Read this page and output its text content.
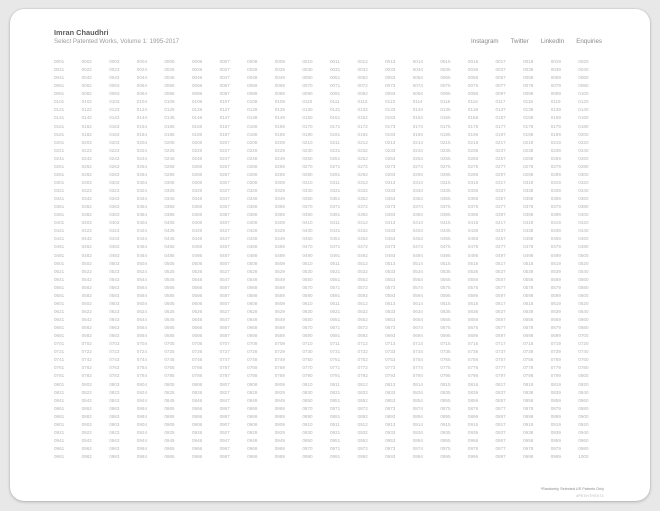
Imran Chaudhri
Select Patented Works, Volume 1: 1995-2017	Instagram Twitter LinkedIn Enquiries
0001	0002	0003	0004	0005	0006	0007	0008	0009	0010	0011	0012	0013	0014	0015	0016	0017	0018	0019	0020
0021	0022	0023	0024	0025	0026	0027	0028	0029	0030	0031	0032	0033	0034	0035	0036	0037	0038	0039	0040
0041	0042	0043	0044	0045	0046	0047	0048	0049	0050	0051	0052	0053	0054	0055	0056	0057	0058	0059	0060
0061	0062	0063	0064	0065	0066	0067	0068	0069	0070	0071	0072	0073	0074	0075	0076	0077	0078	0079	0080
0081	0082	0083	0084	0085	0086	0087	0088	0089	0090	0091	0092	0093	0094	0095	0096	0097	0098	0099	0100
0101	0102	0103	0104	0105	0106	0107	0108	0109	0110	0111	0112	0113	0114	0115	0116	0117	0118	0119	0120
0121	0122	0123	0124	0125	0126	0127	0128	0129	0130	0131	0132	0133	0134	0135	0136	0137	0138	0139	0140
0141	0142	0143	0144	0145	0146	0147	0148	0149	0150	0151	0152	0153	0154	0155	0156	0157	0158	0159	0160
0161	0162	0163	0164	0165	0166	0167	0168	0169	0170	0171	0172	0173	0174	0175	0176	0177	0178	0179	0180
0181	0182	0183	0184	0185	0186	0187	0188	0189	0190	0191	0192	0193	0194	0195	0196	0197	0198	0199	0200
0201	0202	0203	0204	0205	0206	0207	0208	0209	0210	0211	0212	0213	0214	0215	0216	0217	0218	0219	0220
0221	0222	0223	0224	0225	0226	0227	0228	0229	0230	0231	0232	0233	0234	0235	0236	0237	0238	0239	0240
0241	0242	0243	0244	0245	0246	0247	0248	0249	0250	0251	0252	0253	0254	0255	0256	0257	0258	0259	0260
0261	0262	0263	0264	0265	0266	0267	0268	0269	0270	0271	0272	0273	0274	0275	0276	0277	0278	0279	0280
0281	0282	0283	0284	0285	0286	0287	0288	0289	0290	0291	0292	0293	0294	0295	0296	0297	0298	0299	0300
0301	0302	0303	0304	0305	0306	0307	0308	0309	0310	0311	0312	0313	0314	0315	0316	0317	0318	0319	0320
0321	0322	0323	0324	0325	0326	0327	0328	0329	0330	0331	0332	0333	0334	0335	0336	0337	0338	0339	0340
0341	0342	0343	0344	0345	0346	0347	0348	0349	0350	0351	0352	0353	0354	0355	0356	0357	0358	0359	0360
0361	0362	0363	0364	0365	0366	0367	0368	0369	0370	0371	0372	0373	0374	0375	0376	0377	0378	0379	0380
0381	0382	0383	0384	0385	0386	0387	0388	0389	0390	0391	0392	0393	0394	0395	0396	0397	0398	0399	0400
0401	0402	0403	0404	0405	0406	0407	0408	0409	0410	0411	0412	0413	0414	0415	0416	0417	0418	0419	0420
0421	0422	0423	0424	0425	0426	0427	0428	0429	0430	0431	0432	0433	0434	0435	0436	0437	0438	0439	0440
0441	0442	0443	0444	0445	0446	0447	0448	0449	0450	0451	0452	0453	0454	0455	0456	0457	0458	0459	0460
0461	0462	0463	0464	0465	0466	0467	0468	0469	0470	0471	0472	0473	0474	0475	0476	0477	0478	0479	0480
0481	0482	0483	0484	0485	0486	0487	0488	0489	0490	0491	0492	0493	0494	0495	0496	0497	0498	0499	0500
0501	0502	0503	0504	0505	0506	0507	0508	0509	0510	0511	0512	0513	0514	0515	0516	0517	0518	0519	0520
0521	0522	0523	0524	0525	0526	0527	0528	0529	0530	0531	0532	0533	0534	0535	0536	0537	0538	0539	0540
0541	0542	0543	0544	0545	0546	0547	0548	0549	0550	0551	0552	0553	0554	0555	0556	0557	0558	0559	0560
0561	0562	0563	0564	0565	0566	0567	0568	0569	0570	0571	0572	0573	0574	0575	0576	0577	0578	0579	0580
0581	0582	0583	0584	0585	0586	0587	0588	0589	0590	0591	0592	0593	0594	0595	0596	0597	0598	0599	0600
0601	0602	0603	0604	0605	0606	0607	0608	0609	0610	0611	0612	0613	0614	0615	0616	0617	0618	0619	0620
0621	0622	0623	0624	0625	0626	0627	0628	0629	0630	0631	0632	0633	0634	0635	0636	0637	0638	0639	0640
0641	0642	0643	0644	0645	0646	0647	0648	0649	0650	0651	0652	0653	0654	0655	0656	0657	0658	0659	0660
0661	0662	0663	0664	0665	0666	0667	0668	0669	0670	0671	0672	0673	0674	0675	0676	0677	0678	0679	0680
0681	0682	0683	0684	0685	0686	0687	0688	0689	0690	0691	0692	0693	0694	0695	0696	0697	0698	0699	0700
0701	0702	0703	0704	0705	0706	0707	0708	0709	0710	0711	0712	0713	0714	0715	0716	0717	0718	0719	0720
0721	0722	0723	0724	0725	0726	0727	0728	0729	0730	0731	0732	0733	0734	0735	0736	0737	0738	0739	0740
0741	0742	0743	0744	0745	0746	0747	0748	0749	0750	0751	0752	0753	0754	0755	0756	0757	0758	0759	0760
0761	0762	0763	0764	0765	0766	0767	0768	0769	0770	0771	0772	0773	0774	0775	0776	0777	0778	0779	0780
0781	0782	0783	0784	0785	0786	0787	0788	0789	0790	0791	0792	0793	0794	0795	0796	0797	0798	0799	0800
0801	0802	0803	0804	0805	0806	0807	0808	0809	0810	0811	0812	0813	0814	0815	0816	0817	0818	0819	0820
0821	0822	0823	0824	0825	0826	0827	0828	0829	0830	0831	0832	0833	0834	0835	0836	0837	0838	0839	0840
0841	0842	0843	0844	0845	0846	0847	0848	0849	0850	0851	0852	0853	0854	0855	0856	0857	0858	0859	0860
0861	0862	0863	0864	0865	0866	0867	0868	0869	0870	0871	0872	0873	0874	0875	0876	0877	0878	0879	0880
0881	0882	0883	0884	0885	0886	0887	0888	0889	0890	0891	0892	0893	0894	0895	0896	0897	0898	0899	0900
0901	0902	0903	0904	0905	0906	0907	0908	0909	0910	0911	0912	0913	0914	0915	0916	0917	0918	0919	0920
0921	0922	0923	0924	0925	0926	0927	0928	0929	0930	0931	0932	0933	0934	0935	0936	0937	0938	0939	0940
0941	0942	0943	0944	0945	0946	0947	0948	0949	0950	0951	0952	0953	0954	0955	0956	0957	0958	0959	0960
0961	0962	0963	0964	0965	0966	0967	0968	0969	0970	0971	0972	0973	0974	0975	0976	0977	0978	0979	0980
0981	0982	0983	0984	0985	0986	0987	0988	0989	0990	0991	0992	0993	0994	0995	0996	0997	0998	0999	1000
*Randomly Selected US Patents Only
#PEXHTHSV74
